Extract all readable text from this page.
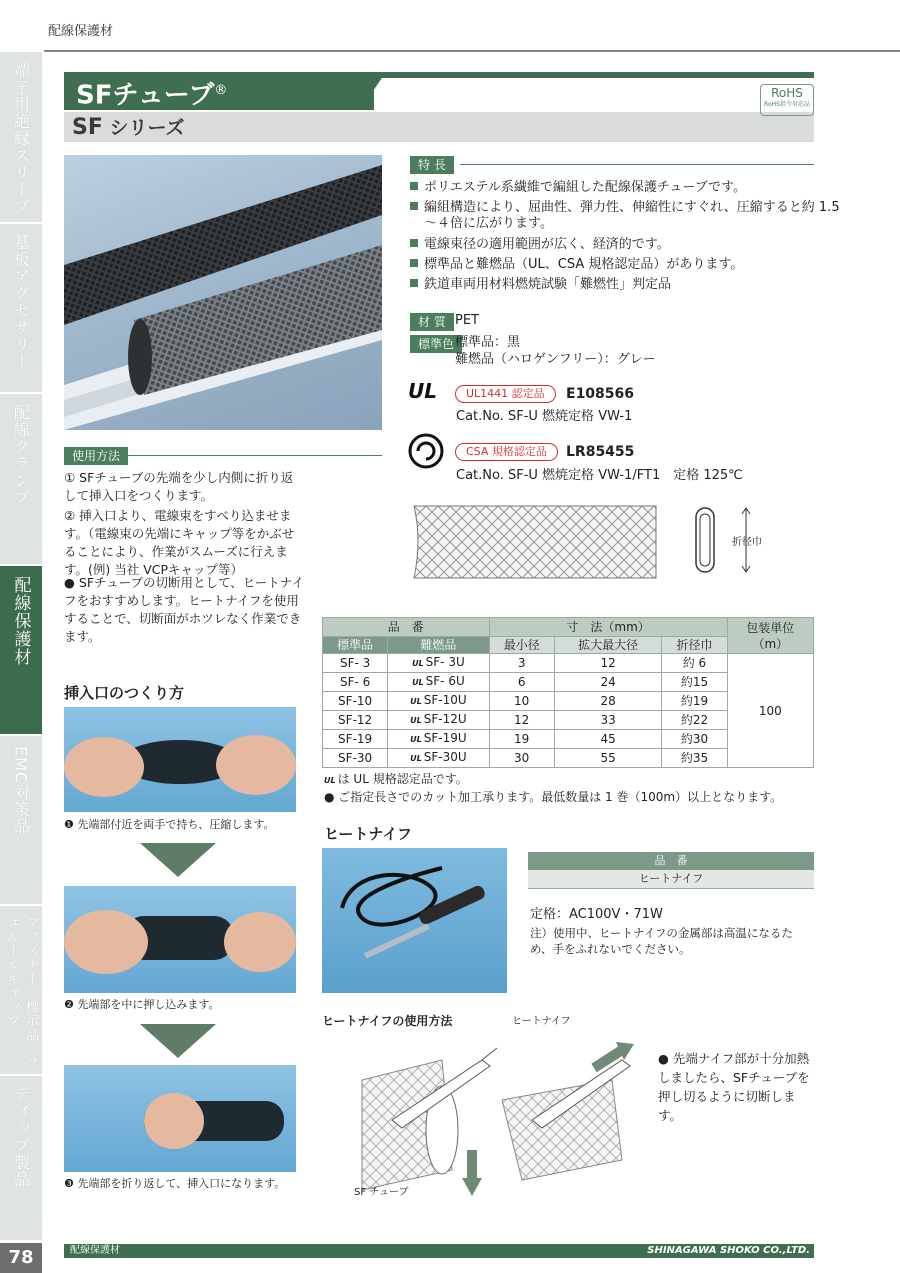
配線保護材
端子用絶縁スリーブ
基板アクセサリー
配線クランプ
配線保護材
EMC対策品
ファスナー／標示品／フェルールキャップ
ディップ製品
SFチューブ®
SF シリーズ
RoHS
RoHS指令対応品
特 長
ポリエステル系繊維で編組した配線保護チューブです。
編組構造により、屈曲性、弾力性、伸縮性にすぐれ、圧縮すると約 1.5
〜４倍に広がります。
電線束径の適用範囲が広く、経済的です。
標準品と難燃品（UL、CSA 規格認定品）があります。
鉄道車両用材料燃焼試験「難燃性」判定品
材 質 PET
標準色 標準品：黒
難燃品（ハロゲンフリー）：グレー
UL	UL1441 認定品	E108566
Cat.No. SF-U 燃焼定格 VW-1
CSA 規格認定品	LR85455
Cat.No. SF-U 燃焼定格 VW-1/FT1　定格 125℃
折径巾
使用方法
① SFチューブの先端を少し内側に折り返して挿入口をつくります。
② 挿入口より、電線束をすべり込ませます。（電線束の先端にキャップ等をかぶせることにより、作業がスムーズに行えます。(例) 当社 VCPキャップ等）
● SFチューブの切断用として、ヒートナイフをおすすめします。ヒートナイフを使用することで、切断面がホツレなく作業できます。
挿入口のつくり方
❶ 先端部付近を両手で持ち、圧縮します。
❷ 先端部を中に押し込みます。
❸ 先端部を折り返して、挿入口になります。
品　番		寸　法（mm）			包装単位
（m）
		最小径	拡大最大径	折径巾	
標準品	難燃品				
SF- 3	UL SF- 3U	3	12	約 6	100
SF- 6	UL SF- 6U	6	24	約15	
SF-10	UL SF-10U	10	28	約19	
SF-12	UL SF-12U	12	33	約22	
SF-19	UL SF-19U	19	45	約30	
SF-30	UL SF-30U	30	55	約35	
UL は UL 規格認定品です。
● ご指定長さでのカット加工承ります。最低数量は 1 巻（100m）以上となります。
ヒートナイフ
品　番
ヒートナイフ
定格：AC100V・71W
注）使用中、ヒートナイフの金属部は高温になるため、手をふれないでください。
ヒートナイフの使用方法	ヒートナイフ
SF チューブ
● 先端ナイフ部が十分加熱しましたら、SFチューブを押し切るように切断します。
78	配線保護材	SHINAGAWA SHOKO CO.,LTD.
